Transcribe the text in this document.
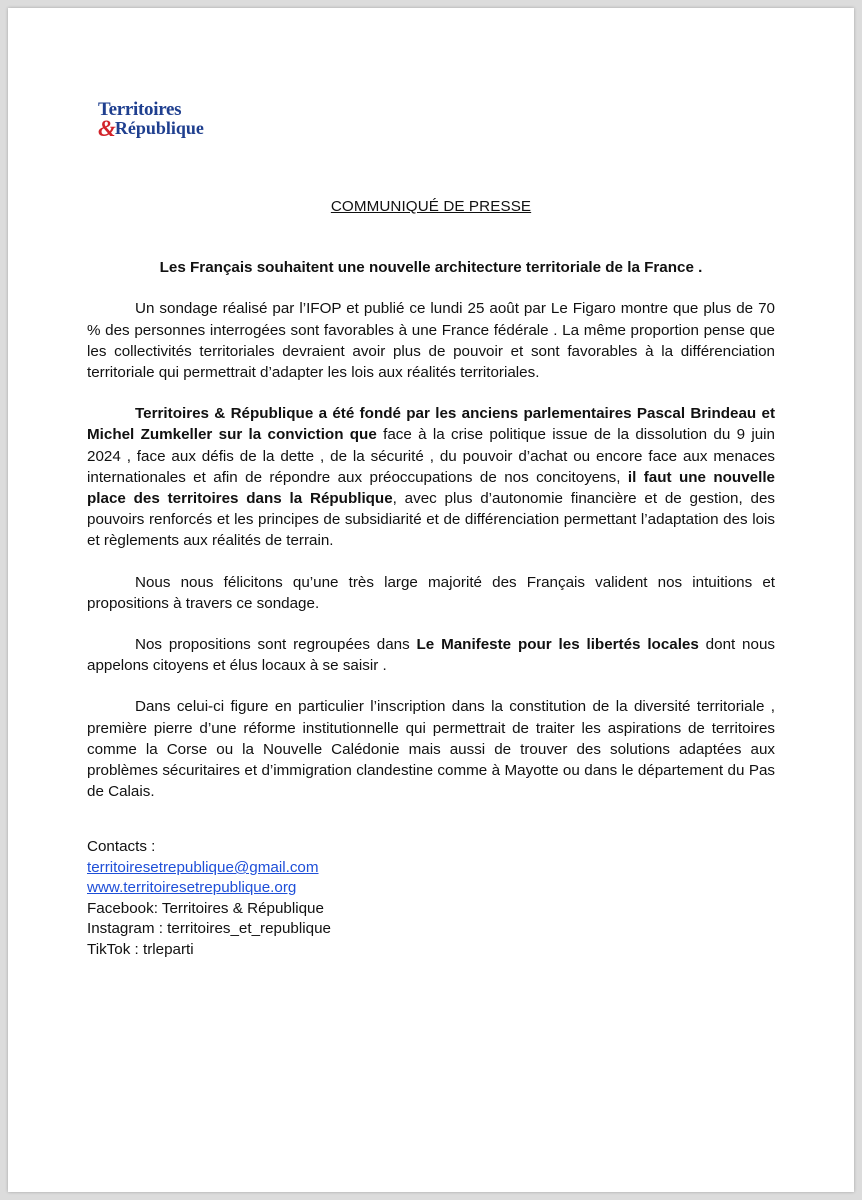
Territoires
&République

COMMUNIQUÉ DE PRESSE

Les Français souhaitent une nouvelle architecture territoriale de la France .

Un sondage réalisé par l’IFOP et publié ce lundi 25 août par Le Figaro montre que plus de 70 % des personnes interrogées sont favorables à une France fédérale . La même proportion pense que les collectivités territoriales devraient avoir plus de pouvoir et sont favorables à la différenciation territoriale qui permettrait d’adapter les lois aux réalités territoriales.

Territoires & République a été fondé par les anciens parlementaires Pascal Brindeau et Michel Zumkeller sur la conviction que face à la crise politique issue de la dissolution du 9 juin 2024 , face aux défis de la dette , de la sécurité , du pouvoir d’achat ou encore face aux menaces internationales et afin de répondre aux préoccupations de nos concitoyens, il faut une nouvelle place des territoires dans la République, avec plus d’autonomie financière et de gestion, des pouvoirs renforcés et les principes de subsidiarité et de différenciation permettant l’adaptation des lois et règlements aux réalités de terrain.

Nous nous félicitons qu’une très large majorité des Français valident nos intuitions et propositions à travers ce sondage.

Nos propositions sont regroupées dans Le Manifeste pour les libertés locales dont nous appelons citoyens et élus locaux à se saisir .

Dans celui-ci figure en particulier l’inscription dans la constitution de la diversité territoriale , première pierre d’une réforme institutionnelle qui permettrait de traiter les aspirations de territoires comme la Corse ou la Nouvelle Calédonie mais aussi de trouver des solutions adaptées aux problèmes sécuritaires et d’immigration clandestine comme à Mayotte ou dans le département du Pas de Calais.

Contacts :
territoiresetrepublique@gmail.com
www.territoiresetrepublique.org
Facebook: Territoires & République
Instagram : territoires_et_republique
TikTok : trleparti
